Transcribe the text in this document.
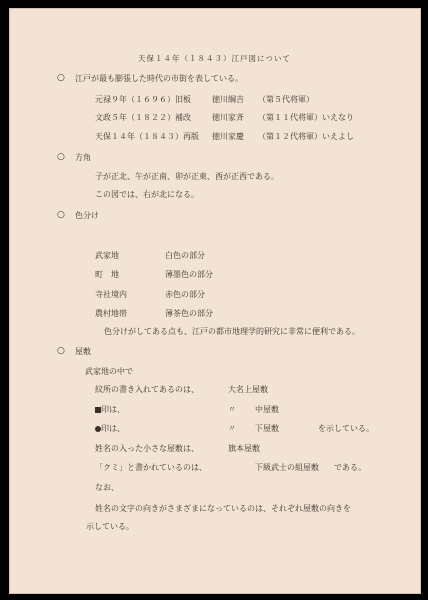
天保１４年（１８４３）江戸図について
○ 江戸が最も膨張した時代の市街を表している。
元禄９年（１６９６）旧板	徳川綱吉 （第５代将軍）
文政５年（１８２２）補改	徳川家斉 （第１１代将軍）いえなり
天保１４年（１８４３）再版 徳川家慶 （第１２代将軍）いえよし
○ 方角
子が正北、午が正南、卯が正東、酉が正西である。
この図では、右が北になる。
○ 色分け
武家地	白色の部分
町　地	薄墨色の部分
寺社境内	赤色の部分
農村地帯	薄茶色の部分
色分けがしてある点も、江戸の都市地理学的研究に非常に便利である。
○ 屋敷
武家地の中で
紋所の書き入れてあるのは、	大名上屋敷
印は、	〃 中屋敷
印は、	〃 下屋敷	を示している。
姓名の入った小さな屋敷は、	旗本屋敷
「クミ」と書かれているのは、	下級武士の組屋敷 である。
なお、
姓名の文字の向きがさまざまになっているのは、それぞれ屋敷の向きを
示している。
